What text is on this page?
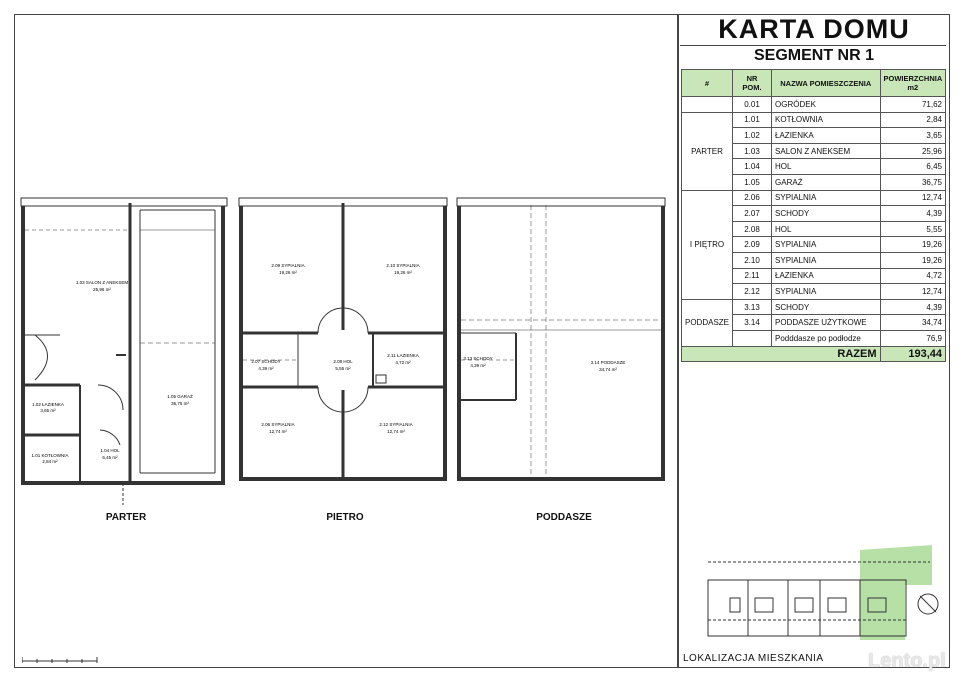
KARTA DOMU
SEGMENT NR 1
#	NR POM.	NAZWA POMIESZCZENIA	POWIERZCHNIA m2
	0.01	OGRÓDEK	71,62
PARTER	1.01	KOTŁOWNIA	2,84
	1.02	ŁAZIENKA	3,65
	1.03	SALON Z ANEKSEM	25,96
	1.04	HOL	6,45
	1.05	GARAŻ	36,75
I PIĘTRO	2.06	SYPIALNIA	12,74
	2.07	SCHODY	4,39
	2.08	HOL	5,55
	2.09	SYPIALNIA	19,26
	2.10	SYPIALNIA	19,26
	2.11	ŁAZIENKA	4,72
	2.12	SYPIALNIA	12,74
PODDASZE	3.13	SCHODY	4,39
	3.14	PODDASZE UŻYTKOWE	34,74
		Podddasze po podłodze	76,9
RAZEM			193,44
1.03 SALON Z ANEKSEM
25,96 m²
1.05 GARAŻ
36,75 m²
1.02 ŁAZIENKA
3,65 m²
1.01 KOTŁOWNIA
2,84 m²
1.04 HOL
6,45 m²
PARTER
2.09 SYPIALNIA
19,26 m²
2.10 SYPIALNIA
19,26 m²
2.07 SCHODY
4,39 m²
2.08 HOL
5,55 m²
2.11 ŁAZIENKA
4,72 m²
2.06 SYPIALNIA
12,74 m²
2.12 SYPIALNIA
12,74 m²
PIETRO
3.13 SCHODY
4,39 m²
3.14 PODDASZE
34,74 m²
PODDASZE
LOKALIZACJA MIESZKANIA Lento.pl
